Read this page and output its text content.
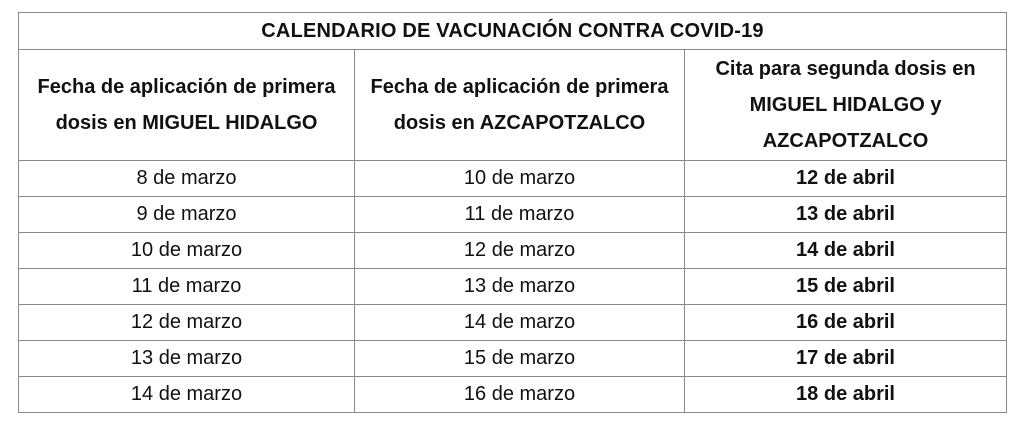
CALENDARIO DE VACUNACIÓN CONTRA COVID-19		
Fecha de aplicación de primera dosis en MIGUEL HIDALGO	Fecha de aplicación de primera dosis en AZCAPOTZALCO	Cita para segunda dosis en MIGUEL HIDALGO y AZCAPOTZALCO
8 de marzo	10 de marzo	12 de abril
9 de marzo	11 de marzo	13 de abril
10 de marzo	12 de marzo	14 de abril
11 de marzo	13 de marzo	15 de abril
12 de marzo	14 de marzo	16 de abril
13 de marzo	15 de marzo	17 de abril
14 de marzo	16 de marzo	18 de abril
